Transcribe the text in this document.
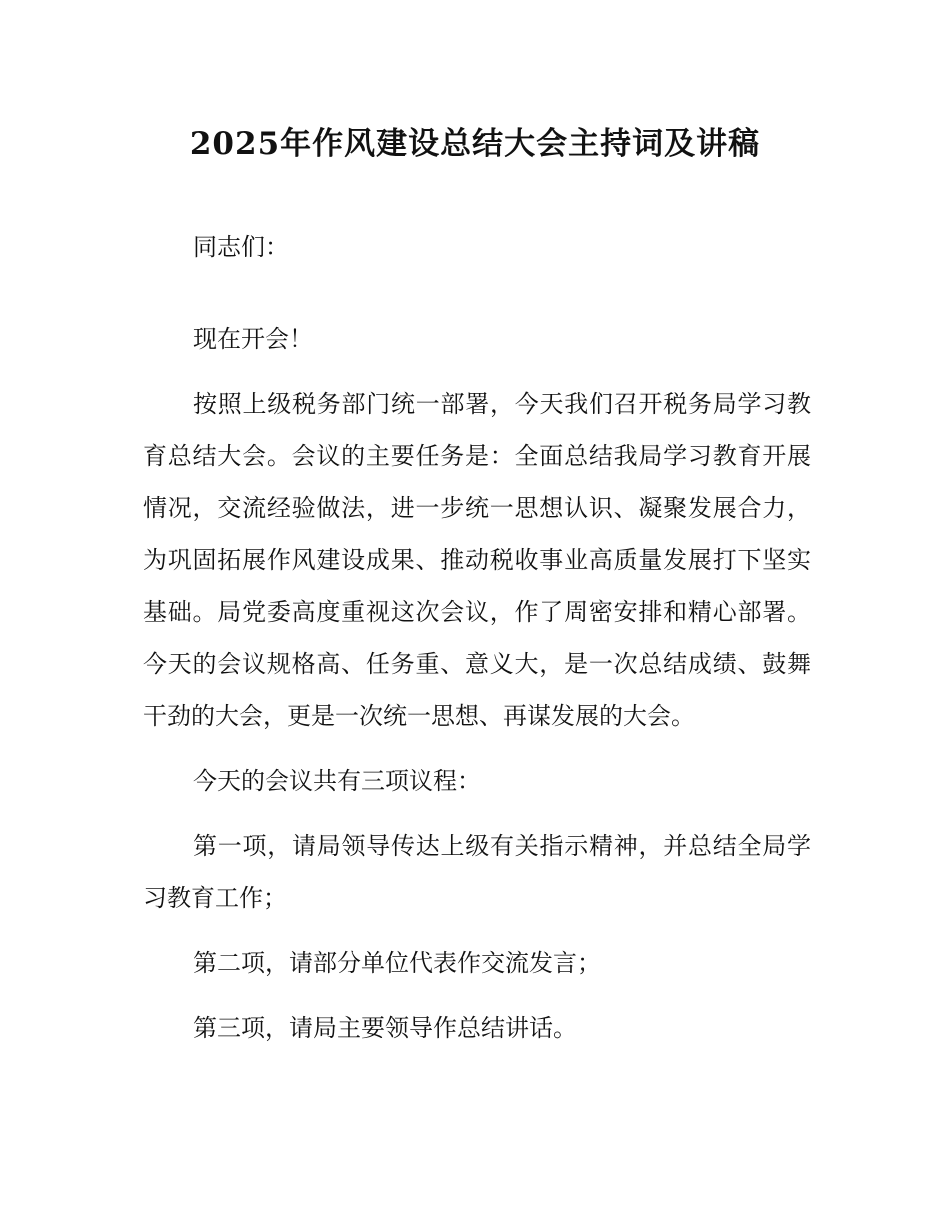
2025年作风建设总结大会主持词及讲稿
同志们：
现在开会！
按照上级税务部门统一部署，今天我们召开税务局学习教
育总结大会。会议的主要任务是：全面总结我局学习教育开展
情况，交流经验做法，进一步统一思想认识、凝聚发展合力，
为巩固拓展作风建设成果、推动税收事业高质量发展打下坚实
基础。局党委高度重视这次会议，作了周密安排和精心部署。
今天的会议规格高、任务重、意义大，是一次总结成绩、鼓舞
干劲的大会，更是一次统一思想、再谋发展的大会。
今天的会议共有三项议程：
第一项，请局领导传达上级有关指示精神，并总结全局学
习教育工作；
第二项，请部分单位代表作交流发言；
第三项，请局主要领导作总结讲话。
